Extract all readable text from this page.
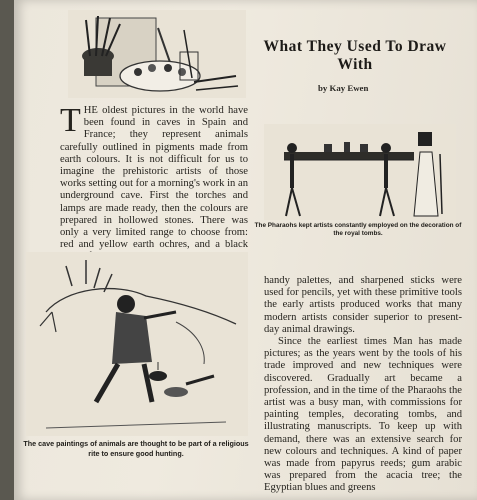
What They Used To Draw With
by Kay Ewen

THE oldest pictures in the world have been found in caves in Spain and France; they represent animals carefully outlined in pigments made from earth colours. It is not difficult for us to imagine the prehistoric artists of those works setting out for a morning's work in an underground cave. First the torches and lamps are made ready, then the colours are prepared in hollowed stones. There was only a very limited range to choose from: red and yellow earth ochres, and a black

The Pharaohs kept artists constantly employed on the decoration of the royal tombs.
The cave paintings of animals are thought to be part of a religious rite to ensure good hunting.

handy palettes, and sharpened sticks were used for pencils, yet with these primitive tools the early artists produced works that many modern artists consider superior to present-day animal drawings.

Since the earliest times Man has made pictures; as the years went by the tools of his trade improved and new techniques were discovered. Gradually art became a profession, and in the time of the Pharaohs the artist was a busy man, with commissions for painting temples, decorating tombs, and illustrating manuscripts. To keep up with demand, there was an extensive search for new colours and techniques. A kind of paper was made from papyrus reeds; gum arabic was prepared from the acacia tree; the Egyptian blues and greens
